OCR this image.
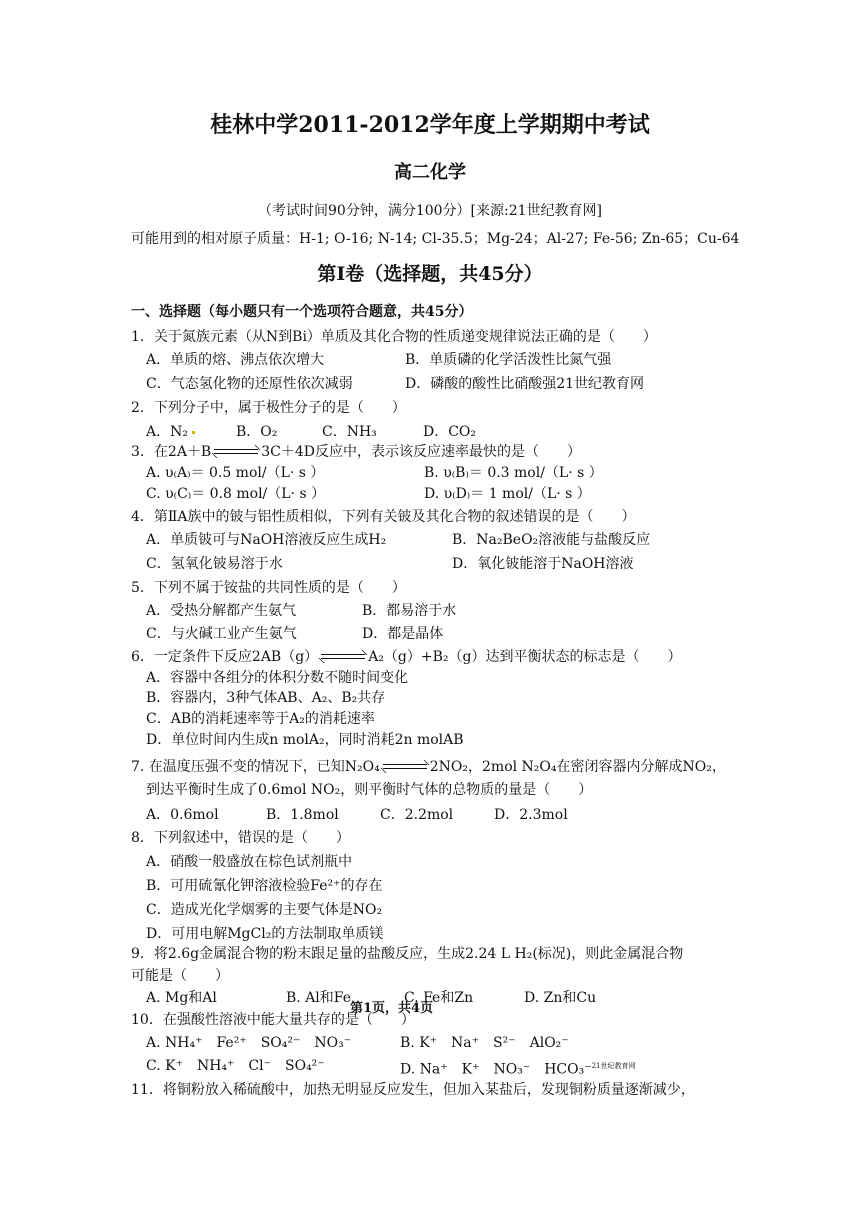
桂林中学2011-2012学年度上学期期中考试
高二化学
（考试时间90分钟，满分100分）[来源:21世纪教育网]
可能用到的相对原子质量：H-1; O-16; N-14; Cl-35.5；Mg-24；Al-27; Fe-56; Zn-65；Cu-64
第I卷（选择题，共45分）
一、选择题（每小题只有一个选项符合题意，共45分）
1．关于氮族元素（从N到Bi）单质及其化合物的性质递变规律说法正确的是（　　）
A．单质的熔、沸点依次增大	B．单质磷的化学活泼性比氮气强
C．气态氢化物的还原性依次减弱	D．磷酸的酸性比硝酸强21世纪教育网
2．下列分子中，属于极性分子的是（　　）
A．N₂	B．O₂	C．NH₃	D．CO₂
3．在2A＋B	3C＋4D反应中，表示该反应速率最快的是（　　）
A. υ₍A₎＝ 0.5 mol/（L· s ）	B. υ₍B₎＝ 0.3 mol/（L· s ）
C. υ₍C₎＝ 0.8 mol/（L· s ）	D. υ₍D₎＝ 1 mol/（L· s ）
4．第ⅡA族中的铍与铝性质相似，下列有关铍及其化合物的叙述错误的是（　　）
A．单质铍可与NaOH溶液反应生成H₂	B．Na₂BeO₂溶液能与盐酸反应
C．氢氧化铍易溶于水	D．氧化铍能溶于NaOH溶液
5．下列不属于铵盐的共同性质的是（　　）
A．受热分解都产生氨气	B．都易溶于水
C．与火碱工业产生氨气	D．都是晶体
6．一定条件下反应2AB（g）	A₂（g）+B₂（g）达到平衡状态的标志是（　　）
A．容器中各组分的体积分数不随时间变化
B．容器内，3种气体AB、A₂、B₂共存
C．AB的消耗速率等于A₂的消耗速率
D．单位时间内生成n molA₂，同时消耗2n molAB
7. 在温度压强不变的情况下，已知N₂O₄	2NO₂，2mol N₂O₄在密闭容器内分解成NO₂，
到达平衡时生成了0.6mol NO₂，则平衡时气体的总物质的量是（　　）
A．0.6mol	B．1.8mol	C．2.2mol	D．2.3mol
8．下列叙述中，错误的是（　　）
A．硝酸一般盛放在棕色试剂瓶中
B．可用硫氰化钾溶液检验Fe²⁺的存在
C．造成光化学烟雾的主要气体是NO₂
D．可用电解MgCl₂的方法制取单质镁
9．将2.6g金属混合物的粉末跟足量的盐酸反应，生成2.24 L H₂(标况)，则此金属混合物
可能是（　　）
A. Mg和Al	B. Al和Fe	C. Fe和Zn	D. Zn和Cu
第1页，共4页
10．在强酸性溶液中能大量共存的是（　　）
A. NH₄⁺　Fe²⁺　SO₄²⁻　NO₃⁻	B. K⁺　Na⁺　S²⁻　AlO₂⁻
C. K⁺　NH₄⁺　Cl⁻　SO₄²⁻	D. Na⁺　K⁺　NO₃⁻　HCO₃⁻$^{21世纪教育网}$
11．将铜粉放入稀硫酸中，加热无明显反应发生，但加入某盐后，发现铜粉质量逐渐减少，
